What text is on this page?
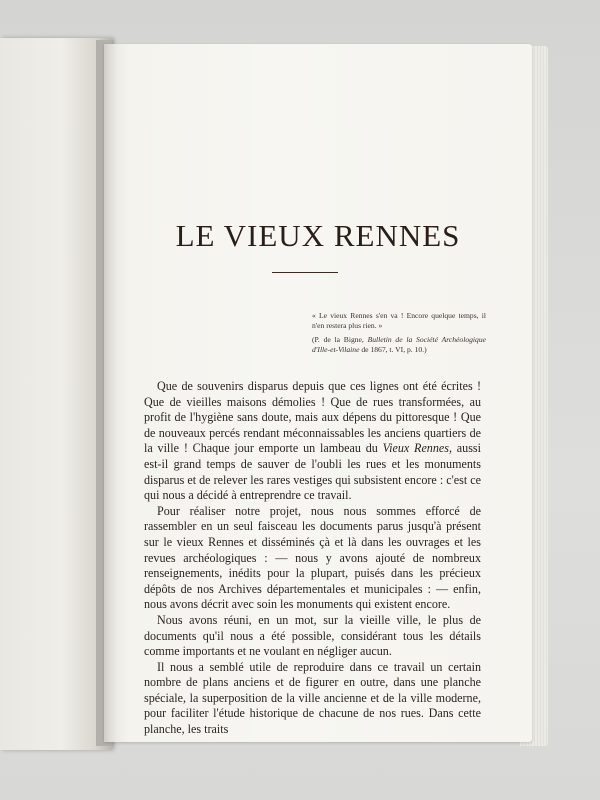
LE VIEUX RENNES

« Le vieux Rennes s'en va ! Encore quelque temps, il n'en restera plus rien. »

(P. de la Bigne, Bulletin de la Société Archéologique d'Ille-et-Vilaine de 1867, t. VI, p. 10.)

Que de souvenirs disparus depuis que ces lignes ont été écrites ! Que de vieilles maisons démolies ! Que de rues transformées, au profit de l'hygiène sans doute, mais aux dépens du pittoresque ! Que de nouveaux percés rendant méconnaissables les anciens quartiers de la ville ! Chaque jour emporte un lambeau du Vieux Rennes, aussi est-il grand temps de sauver de l'oubli les rues et les monuments disparus et de relever les rares vestiges qui subsistent encore : c'est ce qui nous a décidé à entreprendre ce travail.

Pour réaliser notre projet, nous nous sommes efforcé de rassembler en un seul faisceau les documents parus jusqu'à présent sur le vieux Rennes et disséminés çà et là dans les ouvrages et les revues archéologiques : — nous y avons ajouté de nombreux renseignements, inédits pour la plupart, puisés dans les précieux dépôts de nos Archives départementales et municipales : — enfin, nous avons décrit avec soin les monuments qui existent encore.

Nous avons réuni, en un mot, sur la vieille ville, le plus de documents qu'il nous a été possible, considérant tous les détails comme importants et ne voulant en négliger aucun.

Il nous a semblé utile de reproduire dans ce travail un certain nombre de plans anciens et de figurer en outre, dans une planche spéciale, la superposition de la ville ancienne et de la ville moderne, pour faciliter l'étude historique de chacune de nos rues. Dans cette planche, les traits
